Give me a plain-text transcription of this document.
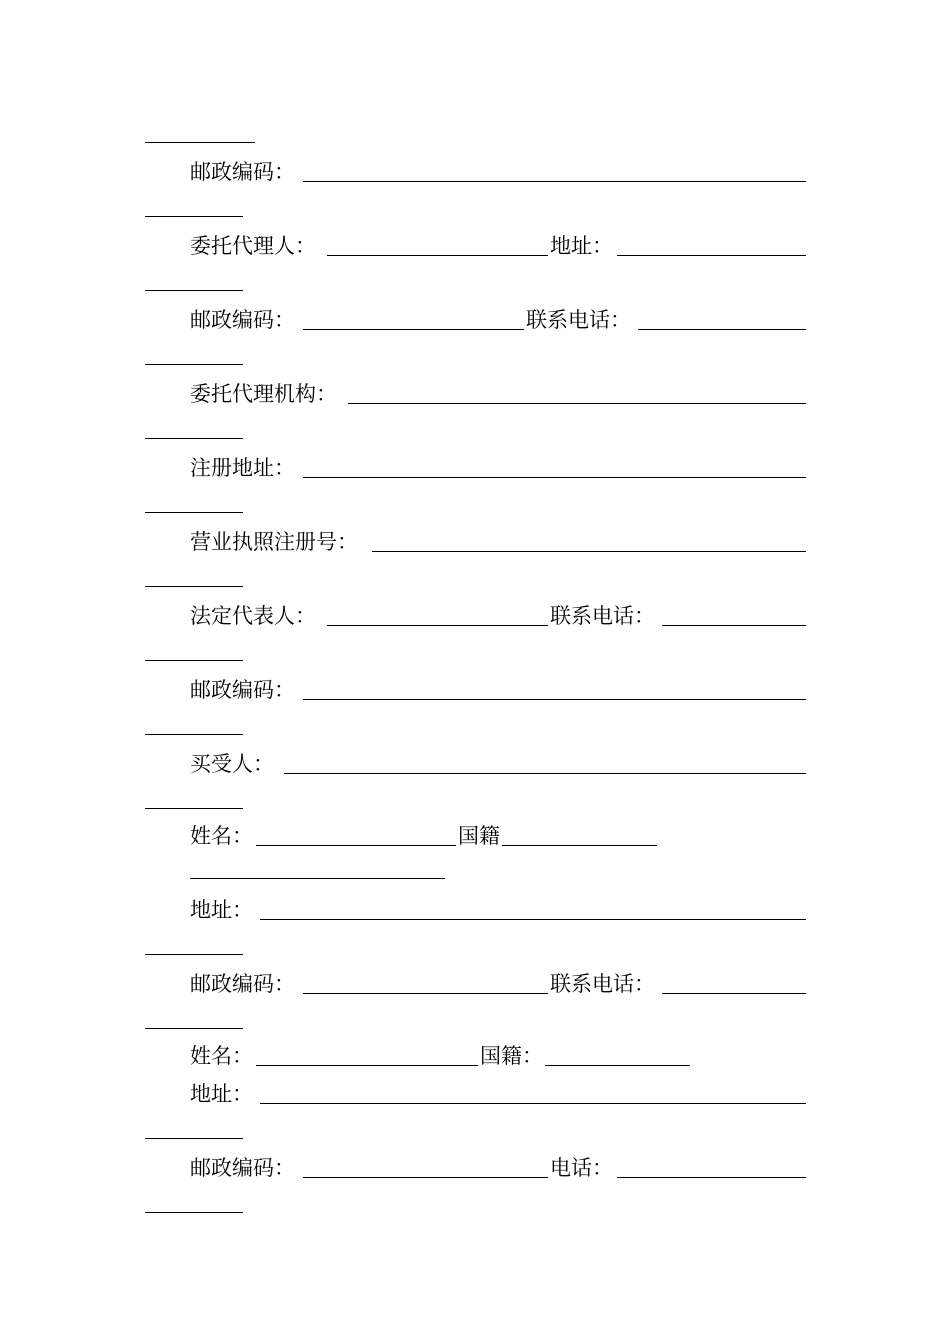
邮政编码：
委托代理人：	地址：
邮政编码：	联系电话：
委托代理机构：
注册地址：
营业执照注册号：
法定代表人：	联系电话：
邮政编码：
买受人：
姓名：	国籍
地址：
邮政编码：	联系电话：
姓名：	国籍：
地址：
邮政编码：	电话：
